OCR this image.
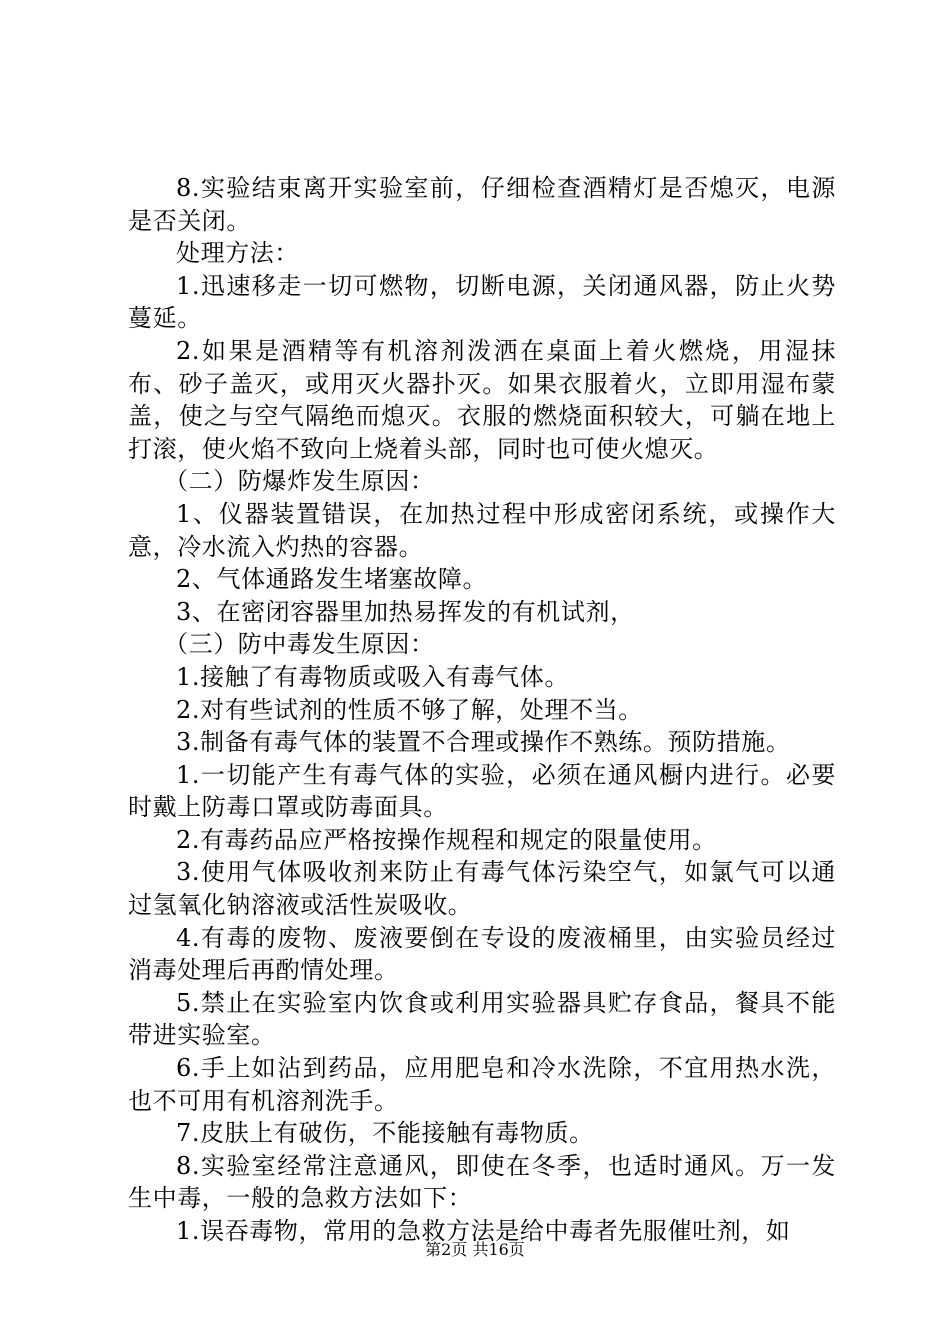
8.实验结束离开实验室前，仔细检查酒精灯是否熄灭，电源是否关闭。

处理方法：

1.迅速移走一切可燃物，切断电源，关闭通风器，防止火势蔓延。

2.如果是酒精等有机溶剂泼洒在桌面上着火燃烧，用湿抹布、砂子盖灭，或用灭火器扑灭。如果衣服着火，立即用湿布蒙盖，使之与空气隔绝而熄灭。衣服的燃烧面积较大，可躺在地上打滚，使火焰不致向上烧着头部，同时也可使火熄灭。

（二）防爆炸发生原因：

1、仪器装置错误，在加热过程中形成密闭系统，或操作大意，冷水流入灼热的容器。

2、气体通路发生堵塞故障。

3、在密闭容器里加热易挥发的有机试剂，

（三）防中毒发生原因：

1.接触了有毒物质或吸入有毒气体。

2.对有些试剂的性质不够了解，处理不当。

3.制备有毒气体的装置不合理或操作不熟练。预防措施。

1.一切能产生有毒气体的实验，必须在通风橱内进行。必要时戴上防毒口罩或防毒面具。

2.有毒药品应严格按操作规程和规定的限量使用。

3.使用气体吸收剂来防止有毒气体污染空气，如氯气可以通过氢氧化钠溶液或活性炭吸收。

4.有毒的废物、废液要倒在专设的废液桶里，由实验员经过消毒处理后再酌情处理。

5.禁止在实验室内饮食或利用实验器具贮存食品，餐具不能带进实验室。

6.手上如沾到药品，应用肥皂和冷水洗除，不宜用热水洗，也不可用有机溶剂洗手。

7.皮肤上有破伤，不能接触有毒物质。

8.实验室经常注意通风，即使在冬季，也适时通风。万一发生中毒，一般的急救方法如下：

1.误吞毒物，常用的急救方法是给中毒者先服催吐剂，如

第2页 共16页
